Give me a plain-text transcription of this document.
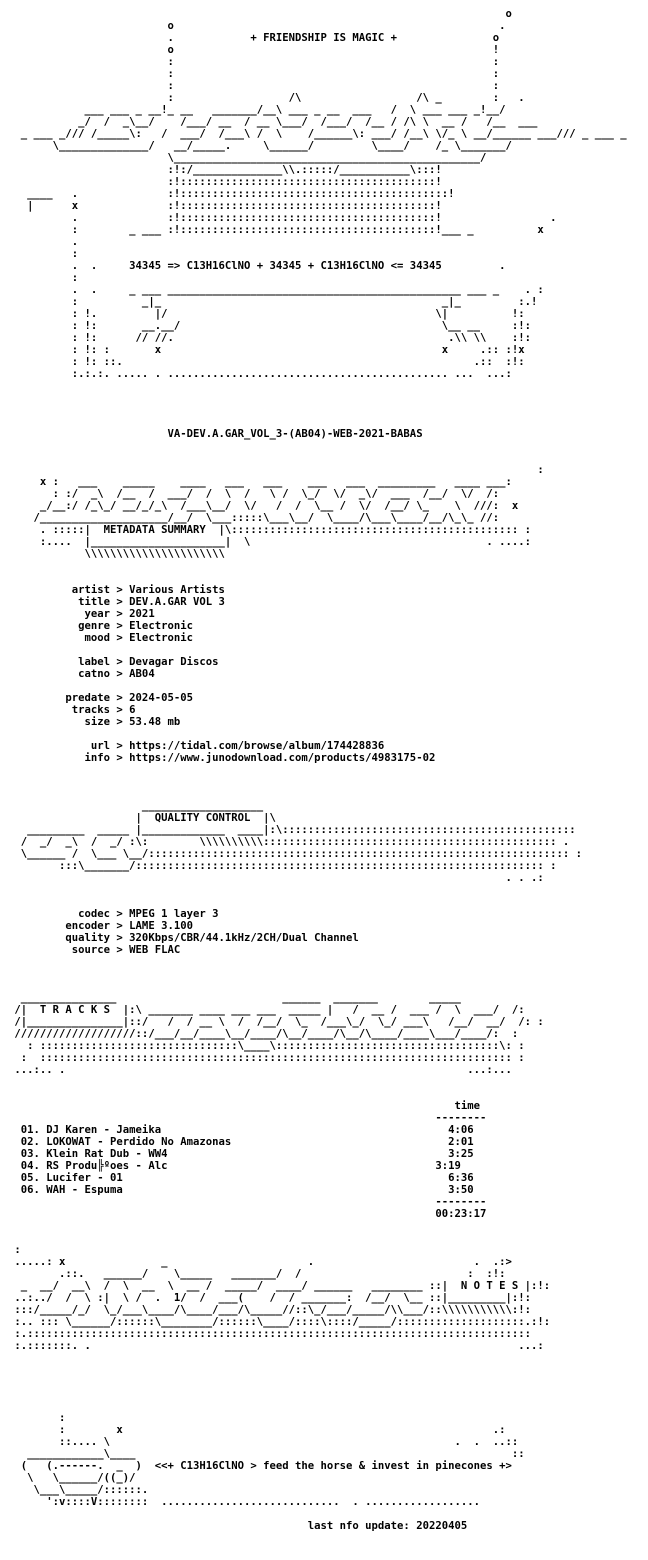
o
o                                                   .
.            + FRIENDSHIP IS MAGIC +               o
o                                                  !
:                                                  :
:                                                  :
:                                                  :
:                  /\                  /\ _        :   .
___ ___ _ __!_ __   _______/__\ ___ _ __  ___   /  \ ___ ___ _!__/
_/  /  _\__/    /___/ __  / __ \___/  /___/  /__ / /\ \  __ /   /__  ___
_ ___ _/// /_____\:   /  ___/  /___\ /  \    /______\: ___/ /__\ \/_ \ __/______ ___/// _ ___ _
\______________/   __/_____.     \______/         \____/    /_ \_______/
\________________________________________________/
:!:/______________\\.:::::/___________\:::!
:!::::::::::::::::::::::::::::::::::::::::!
____   .              :!::::::::::::::::::::::::::::::::::::::::::!
|      x              :!::::::::::::::::::::::::::::::::::::::::!
.              :!::::::::::::::::::::::::::::::::::::::::!                 .
:        _ ___ :!::::::::::::::::::::::::::::::::::::::::!___ _          x
.
:
.  .     34345 => C13H16ClNO + 34345 + C13H16ClNO <= 34345         .
:
.  .     _ ___ ______________________________________________ ___ _    . :
:          _|_                                            _|_         :.!
: !.         |/                                          \|          !:
: !:       __.__/                                         \__ __     :!:
: !:      // //.                                           .\\ \\    :!:
: !: :       x                                            x     .:: :!x
: !: ::.                                                       .::  :!:
:.:.:. ..... . ............................................ ...  ...:

VA-DEV.A.GAR_VOL_3-(AB04)-WEB-2021-BABAS

:
x :   ___    _____    ____   ___   ___    ___   ___  _________   ____ ___:
: :/  _\  /__  /  ___/  /  \  /   \ /  \_/  \/  _\/  ___  /__/  \/  /:
_/__:/ /_\_/ __/_/_\  /___\__/  \/   /  /  \__ /  \/  /__/ \_    \  ///:  x
/____________________/__/  \___:::::\___\__/  \____/\___\____/__/\_\_ //:
. :::::|  METADATA SUMMARY  |\::::::::::::::::::::::::::::::::::::::::::::: :
:....  |_____________________|  \                                     . ....:
\\\\\\\\\\\\\\\\\\\\\\

artist > Various Artists
title > DEV.A.GAR VOL 3
year > 2021
genre > Electronic
mood > Electronic

label > Devagar Discos
catno > AB04

predate > 2024-05-05
tracks > 6
size > 53.48 mb

url > https://tidal.com/browse/album/174428836
info > https://www.junodownload.com/products/4983175-02

___________________
|  QUALITY CONTROL  |\
_________  _____ |_____________  ____|:\::::::::::::::::::::::::::::::::::::::::::::::
/  _/  _\  /  _/ :\:        \\\\\\\\\\:::::::::::::::::::::::::::::::::::::::::::::: .
\______ /  \___ \__/:::::::::::::::::::::::::::::::::::::::::::::::::::::::::::::::::: :
:::\_______/:::::::::::::::::::::::::::::::::::::::::::::::::::::::::::::::: :
. . .:

codec > MPEG 1 layer 3
encoder > LAME 3.100
quality > 320Kbps/CBR/44.1kHz/2CH/Dual Channel
source > WEB FLAC

_______________                          ______  _______        _____
/|  T R A C K S  |:\ _______ ____ ___ ___  _____ |   /  __ /  ___ /  \  ___/  /:
/|_______________|::/   /  / __ \  /  /__/  \_  /___\_/  \_/ ___\   /__/  __/  /: :
///////////////////::/___/__/____\__/____/\__/____/\__/\____/____\___/____/:  :
: :::::::::::::::::::::::::::::::\____\:::::::::::::::::::::::::::::::::::\: :
:  :::::::::::::::::::::::::::::::::::::::::::::::::::::::::::::::::::::::::: :
...:.. .                                                               ...:...

time
--------
01. DJ Karen - Jameika                                             4:06
02. LOKOWAT - Perdido No Amazonas                                  2:01
03. Klein Rat Dub - WW4                                            3:25
04. RS Produ╠ºoes - Alc                                          3:19
05. Lucifer - 01                                                   6:36
06. WAH - Espuma                                                   3:50
--------
00:23:17

:
.....: x               _                      .                         .  .:>
.::.   ______/    \_____   _______/  /                          :  :!:
_  __/  __\  /  \  __  \  __ /  _____/  ____/ ______   ________ ::|  N O T E S |:!:
..:../  /  \ :|  \ /  .  1/  /  ___(    /  / _______:  /__/  \__ ::|_________|:!:
:::/_____/_/  \_/___\____/\____/___/\_____//::\_/___/_____/\\___/::\\\\\\\\\\\:!:
:.. ::: \______/::::::\________/::::::\____/::::\::::/_____/::::::::::::::::::::.:!:
:.:::::::::::::::::::::::::::::::::::::::::::::::::::::::::::::::::::::::::::::::
:.:::::::. .                                                                   ...:

:
:        x                                                          .:
::.... \                                                      .  .  ..::
____________\____                                                           ::
(   (.------.  _  )  <<+ C13H16ClNO > feed the horse & invest in pinecones +>
\   \______/((_)/
\___\_____/::::::.
':v::::V::::::::  ............................  . ..................

last nfo update: 20220405
